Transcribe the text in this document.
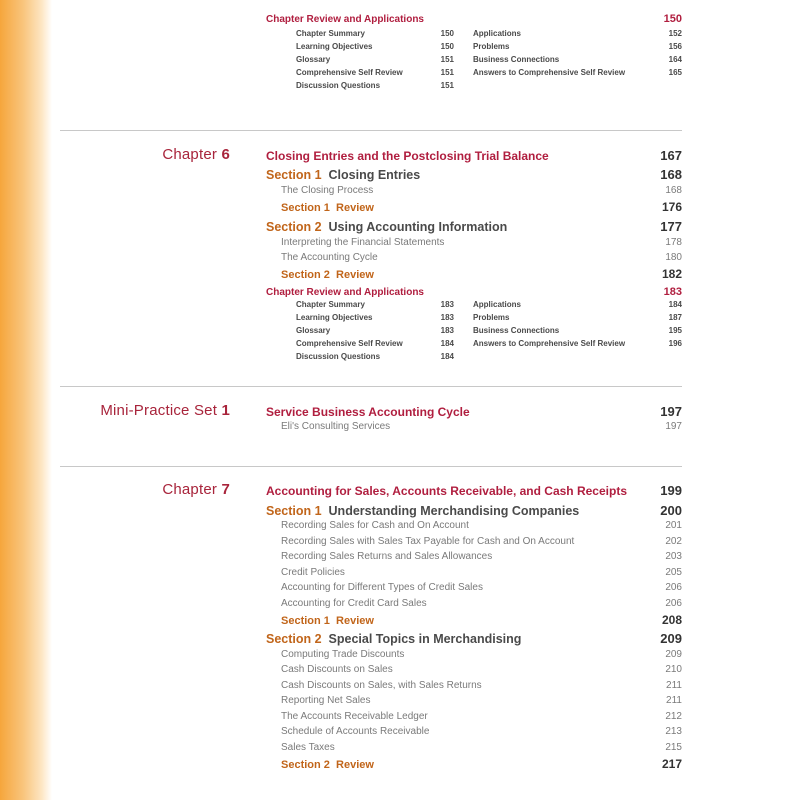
Chapter Review and Applications	150
Chapter Summary	150
Learning Objectives	150
Glossary	151
Comprehensive Self Review	151
Discussion Questions	151
Applications	152
Problems	156
Business Connections	164
Answers to Comprehensive Self Review	165
Chapter 6	Closing Entries and the Postclosing Trial Balance	167
Section 1 Closing Entries	168
The Closing Process	168
Section 1  Review	176
Section 2 Using Accounting Information	177
Interpreting the Financial Statements	178
The Accounting Cycle	180
Section 2  Review	182
Chapter Review and Applications	183
Chapter Summary	183
Learning Objectives	183
Glossary	183
Comprehensive Self Review	184
Discussion Questions	184
Applications	184
Problems	187
Business Connections	195
Answers to Comprehensive Self Review	196
Mini-Practice Set 1	Service Business Accounting Cycle	197
Eli's Consulting Services	197
Chapter 7	Accounting for Sales, Accounts Receivable, and Cash Receipts	199
Section 1 Understanding Merchandising Companies	200
Recording Sales for Cash and On Account	201
Recording Sales with Sales Tax Payable for Cash and On Account	202
Recording Sales Returns and Sales Allowances	203
Credit Policies	205
Accounting for Different Types of Credit Sales	206
Accounting for Credit Card Sales	206
Section 1  Review	208
Section 2 Special Topics in Merchandising	209
Computing Trade Discounts	209
Cash Discounts on Sales	210
Cash Discounts on Sales, with Sales Returns	211
Reporting Net Sales	211
The Accounts Receivable Ledger	212
Schedule of Accounts Receivable	213
Sales Taxes	215
Section 2  Review	217
